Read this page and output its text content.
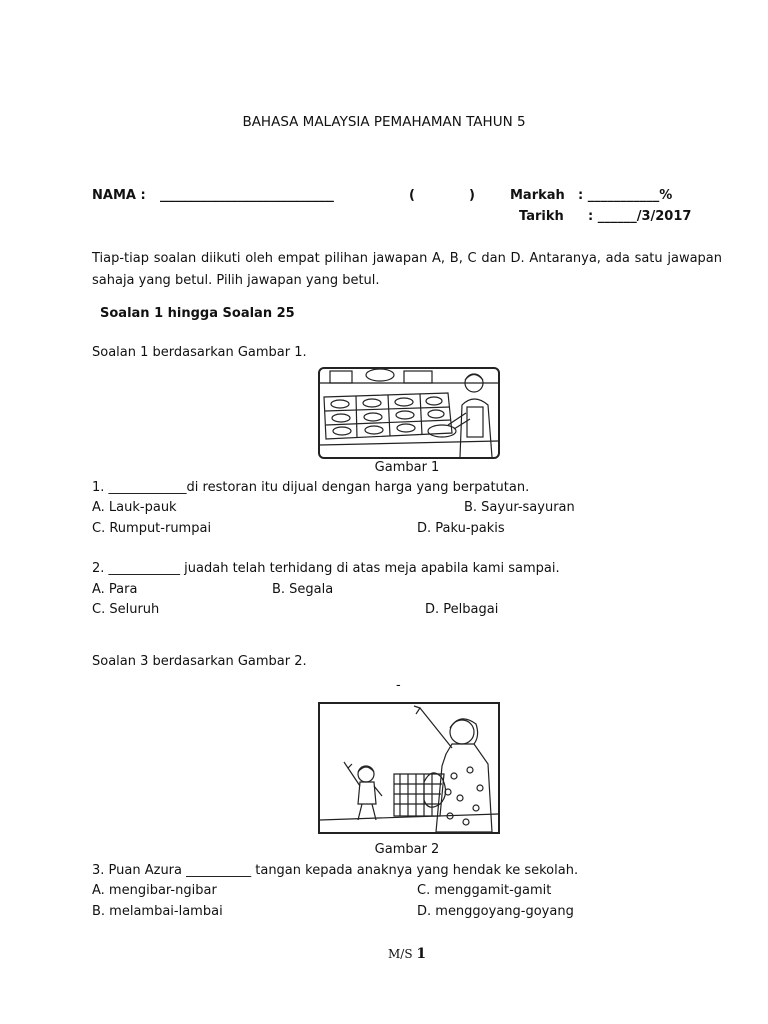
BAHASA MALAYSIA PEMAHAMAN TAHUN 5
NAMA : ____________________________	(	)	Markah : ___________%
Tarikh : ______/3/2017
Tiap-tiap soalan diikuti oleh empat pilihan jawapan A, B, C dan D. Antaranya, ada satu jawapan sahaja yang betul. Pilih jawapan yang betul.
Soalan 1 hingga Soalan 25
Soalan 1 berdasarkan Gambar 1.
Gambar 1
1. ____________di restoran itu dijual dengan harga yang berpatutan.
A. Lauk-pauk	B. Sayur-sayuran
C. Rumput-rumpai	D. Paku-pakis
2. ___________ juadah telah terhidang di atas meja apabila kami sampai.
A. Para	B. Segala
C. Seluruh	D. Pelbagai
Soalan 3 berdasarkan Gambar 2.
-
Gambar 2
3. Puan Azura __________ tangan kepada anaknya yang hendak ke sekolah.
A. mengibar-ngibar	C. menggamit-gamit
B. melambai-lambai	D. menggoyang-goyang
M/S 1
